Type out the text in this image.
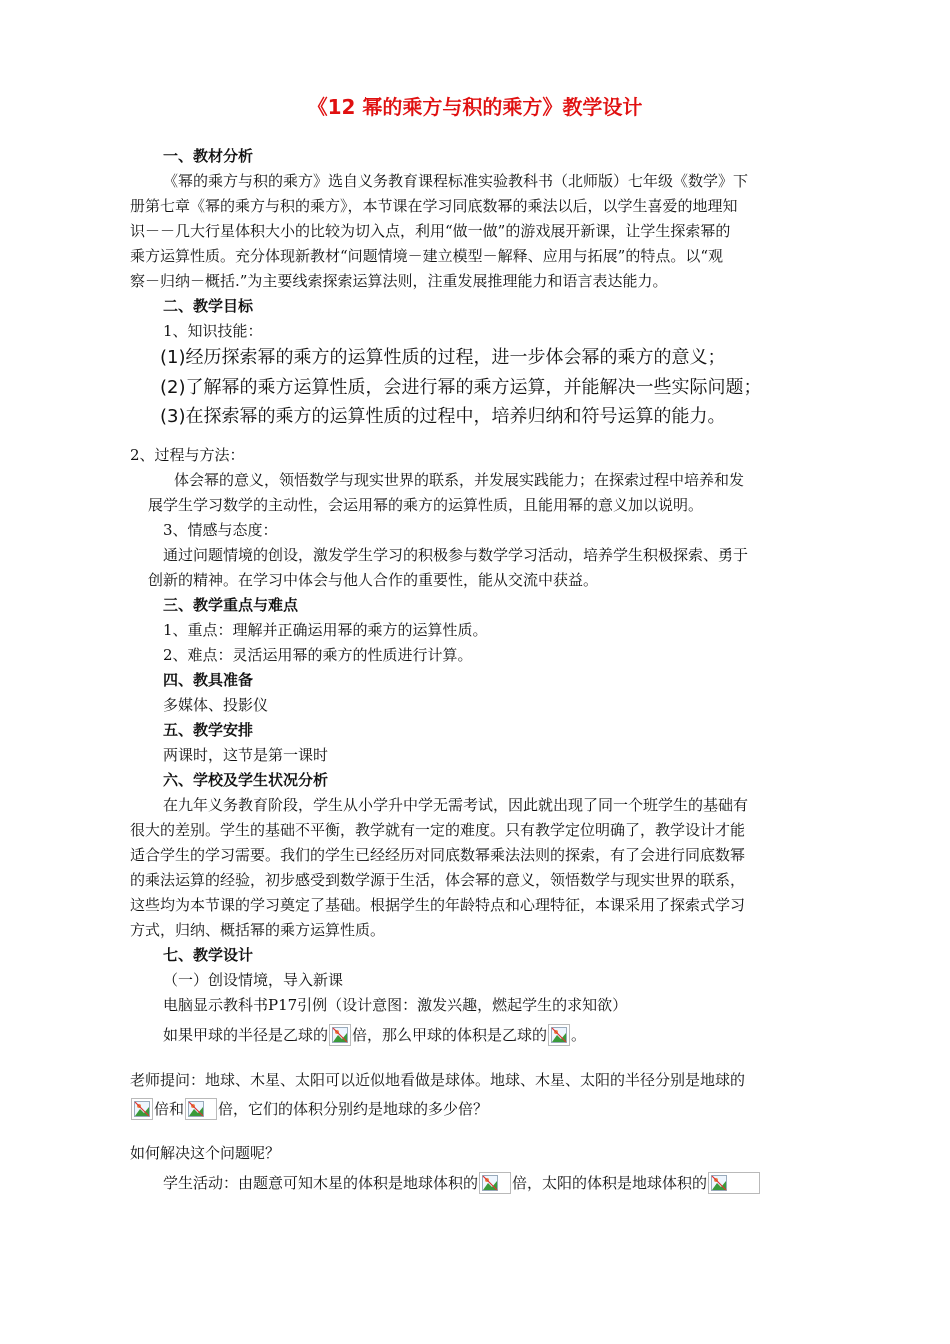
《12 幂的乘方与积的乘方》教学设计
一、教材分析
《幂的乘方与积的乘方》选自义务教育课程标准实验教科书（北师版）七年级《数学》下
册第七章《幂的乘方与积的乘方》，本节课在学习同底数幂的乘法以后，以学生喜爱的地理知
识－－几大行星体积大小的比较为切入点，利用“做一做”的游戏展开新课，让学生探索幂的
乘方运算性质。充分体现新教材“问题情境－建立模型－解释、应用与拓展”的特点。以“观
察－归纳－概括.”为主要线索探索运算法则，注重发展推理能力和语言表达能力。
二、教学目标
1、知识技能：
(1)经历探索幂的乘方的运算性质的过程，进一步体会幂的乘方的意义；
(2)了解幂的乘方运算性质，会进行幂的乘方运算，并能解决一些实际问题；
(3)在探索幂的乘方的运算性质的过程中，培养归纳和符号运算的能力。
2、过程与方法：
体会幂的意义，领悟数学与现实世界的联系，并发展实践能力；在探索过程中培养和发
展学生学习数学的主动性，会运用幂的乘方的运算性质，且能用幂的意义加以说明。
3、情感与态度：
通过问题情境的创设，激发学生学习的积极参与数学学习活动，培养学生积极探索、勇于
创新的精神。在学习中体会与他人合作的重要性，能从交流中获益。
三、教学重点与难点
1、重点：理解并正确运用幂的乘方的运算性质。
2、难点：灵活运用幂的乘方的性质进行计算。
四、教具准备
多媒体、投影仪
五、教学安排
两课时，这节是第一课时
六、学校及学生状况分析
在九年义务教育阶段，学生从小学升中学无需考试，因此就出现了同一个班学生的基础有
很大的差别。学生的基础不平衡，教学就有一定的难度。只有教学定位明确了，教学设计才能
适合学生的学习需要。我们的学生已经经历对同底数幂乘法法则的探索，有了会进行同底数幂
的乘法运算的经验，初步感受到数学源于生活，体会幂的意义，领悟数学与现实世界的联系，
这些均为本节课的学习奠定了基础。根据学生的年龄特点和心理特征，本课采用了探索式学习
方式，归纳、概括幂的乘方运算性质。
七、教学设计
（一）创设情境，导入新课
电脑显示教科书P17引例（设计意图：激发兴趣，燃起学生的求知欲）
如果甲球的半径是乙球的 倍，那么甲球的体积是乙球的 。
老师提问：地球、木星、太阳可以近似地看做是球体。地球、木星、太阳的半径分别是地球的
倍和 倍，它们的体积分别约是地球的多少倍？
如何解决这个问题呢？
学生活动：由题意可知木星的体积是地球体积的 倍，太阳的体积是地球体积的
